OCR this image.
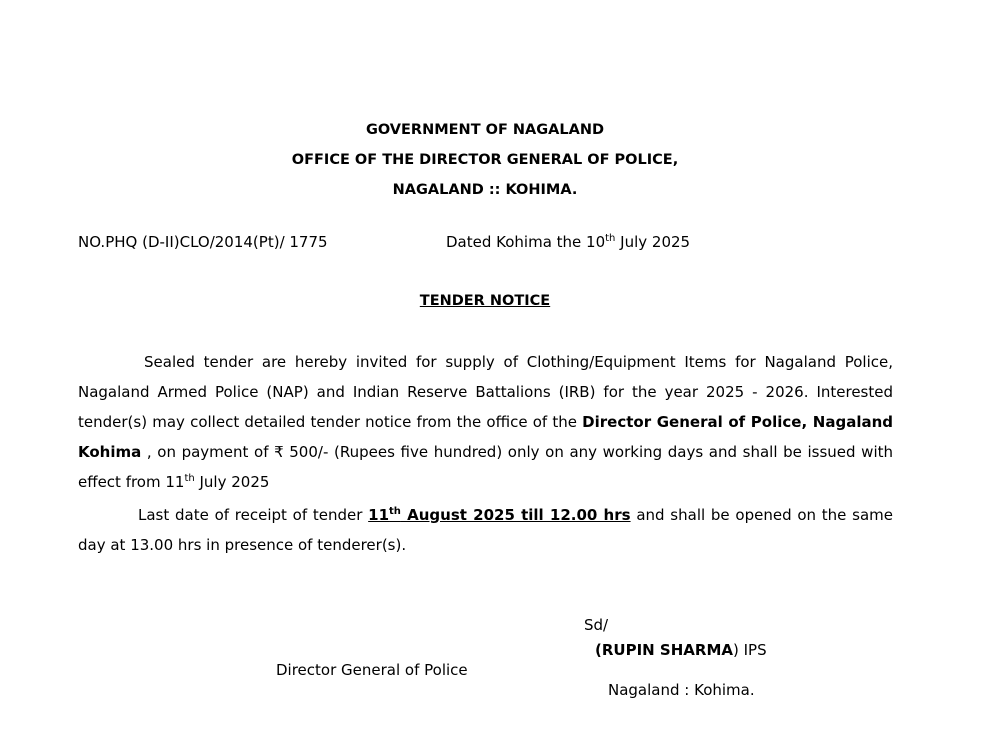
GOVERNMENT OF NAGALAND
OFFICE OF THE DIRECTOR GENERAL OF POLICE,
NAGALAND :: KOHIMA.
NO.PHQ (D-II)CLO/2014(Pt)/ 1775	Dated Kohima the 10th July 2025
TENDER NOTICE
Sealed tender are hereby invited for supply of Clothing/Equipment Items for Nagaland Police, Nagaland Armed Police (NAP) and Indian Reserve Battalions (IRB) for the year 2025 - 2026. Interested tender(s) may collect detailed tender notice from the office of the Director General of Police, Nagaland Kohima , on payment of ₹ 500/- (Rupees five hundred) only on any working days and shall be issued with effect from 11th July 2025
Last date of receipt of tender 11th August 2025 till 12.00 hrs and shall be opened on the same day at 13.00 hrs in presence of tenderer(s).
Sd/
(RUPIN SHARMA) IPS
Director General of Police
Nagaland : Kohima.
